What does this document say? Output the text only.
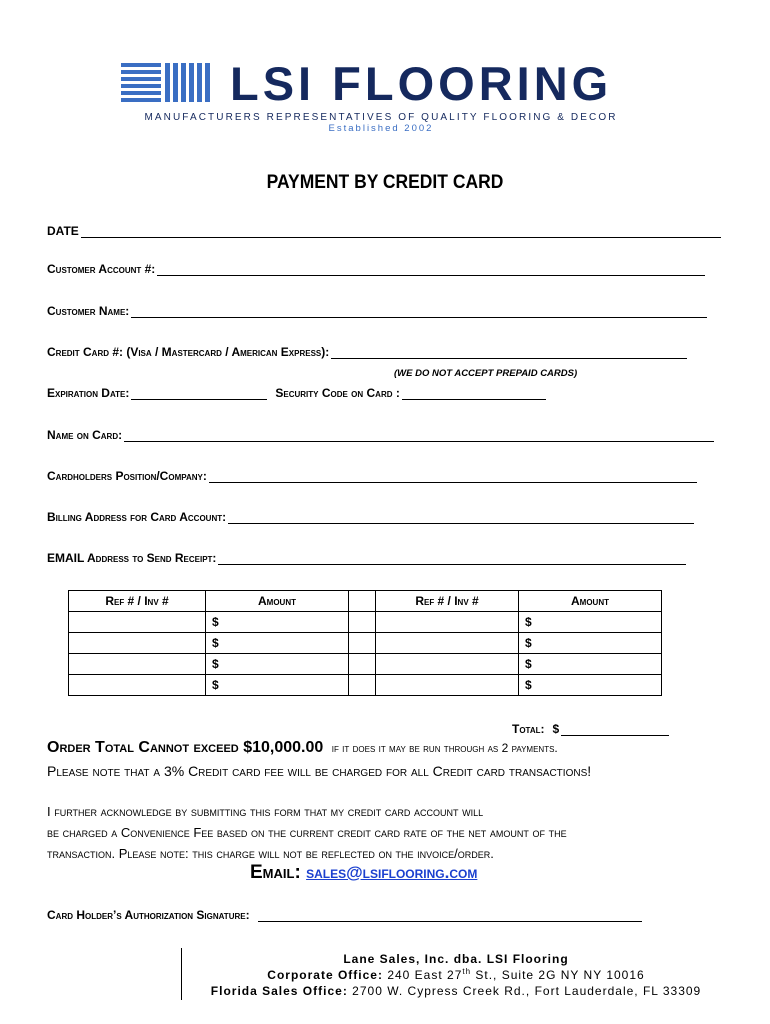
LSI FLOORING
MANUFACTURERS REPRESENTATIVES OF QUALITY FLOORING & DECOR
Established 2002
PAYMENT BY CREDIT CARD
DATE
Customer Account #:
Customer Name:
Credit Card #: (Visa / Mastercard / American Express):
(WE DO NOT ACCEPT PREPAID CARDS)
Expiration Date:	Security Code on Card :
Name on Card:
Cardholders Position/Company:
Billing Address for Card Account:
EMAIL Address to Send Receipt:
Ref # / Inv #	Amount		Ref # / Inv #	Amount
	$			$
	$			$
	$			$
	$			$
Total: $
Order Total Cannot exceed $10,000.00 if it does it may be run through as 2 payments.
Please note that a 3% Credit card fee will be charged for all Credit card transactions!
I further acknowledge by submitting this form that my credit card account will
be charged a Convenience Fee based on the current credit card rate of the net amount of the
transaction. Please note: this charge will not be reflected on the invoice/order.
Email: sales@lsiflooring.com
Card Holder’s Authorization Signature:
Lane Sales, Inc. dba. LSI Flooring
Corporate Office: 240 East 27th St., Suite 2G NY NY 10016
Florida Sales Office: 2700 W. Cypress Creek Rd., Fort Lauderdale, FL 33309
